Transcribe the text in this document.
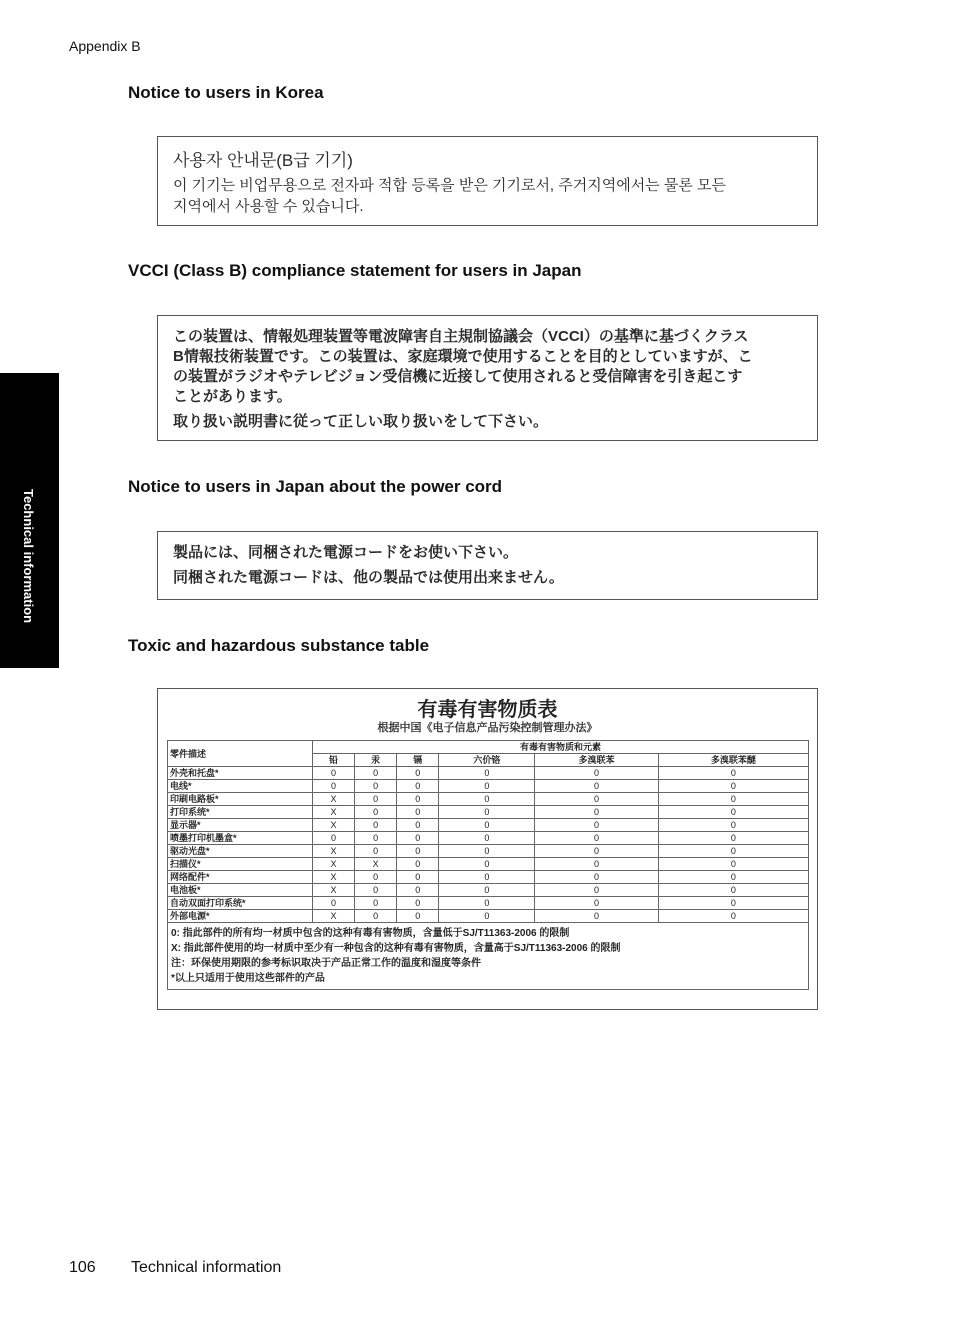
Appendix B
Technical information
Notice to users in Korea
사용자 안내문(B급 기기)
이 기기는 비업무용으로 전자파 적합 등록을 받은 기기로서, 주거지역에서는 물론 모든
지역에서 사용할 수 있습니다.
VCCI (Class B) compliance statement for users in Japan
この装置は、情報処理装置等電波障害自主規制協議会（VCCI）の基準に基づくクラス
B情報技術装置です。この装置は、家庭環境で使用することを目的としていますが、こ
の装置がラジオやテレビジョン受信機に近接して使用されると受信障害を引き起こす
ことがあります。
取り扱い説明書に従って正しい取り扱いをして下さい。
Notice to users in Japan about the power cord
製品には、同梱された電源コードをお使い下さい。
同梱された電源コードは、他の製品では使用出来ません。
Toxic and hazardous substance table
有毒有害物质表
根据中国《电子信息产品污染控制管理办法》
零件描述	有毒有害物质和元素					
	铅	汞	镉	六价铬	多溴联苯	多溴联苯醚
外壳和托盘*	0	0	0	0	0	0
电线*	0	0	0	0	0	0
印刷电路板*	X	0	0	0	0	0
打印系统*	X	0	0	0	0	0
显示器*	X	0	0	0	0	0
喷墨打印机墨盒*	0	0	0	0	0	0
驱动光盘*	X	0	0	0	0	0
扫描仪*	X	X	0	0	0	0
网络配件*	X	0	0	0	0	0
电池板*	X	0	0	0	0	0
自动双面打印系统*	0	0	0	0	0	0
外部电源*	X	0	0	0	0	0

0: 指此部件的所有均一材质中包含的这种有毒有害物质，含量低于SJ/T11363-2006 的限制
X: 指此部件使用的均一材质中至少有一种包含的这种有毒有害物质，含量高于SJ/T11363-2006 的限制
注：环保使用期限的参考标识取决于产品正常工作的温度和湿度等条件
*以上只适用于使用这些部件的产品						
106 Technical information
